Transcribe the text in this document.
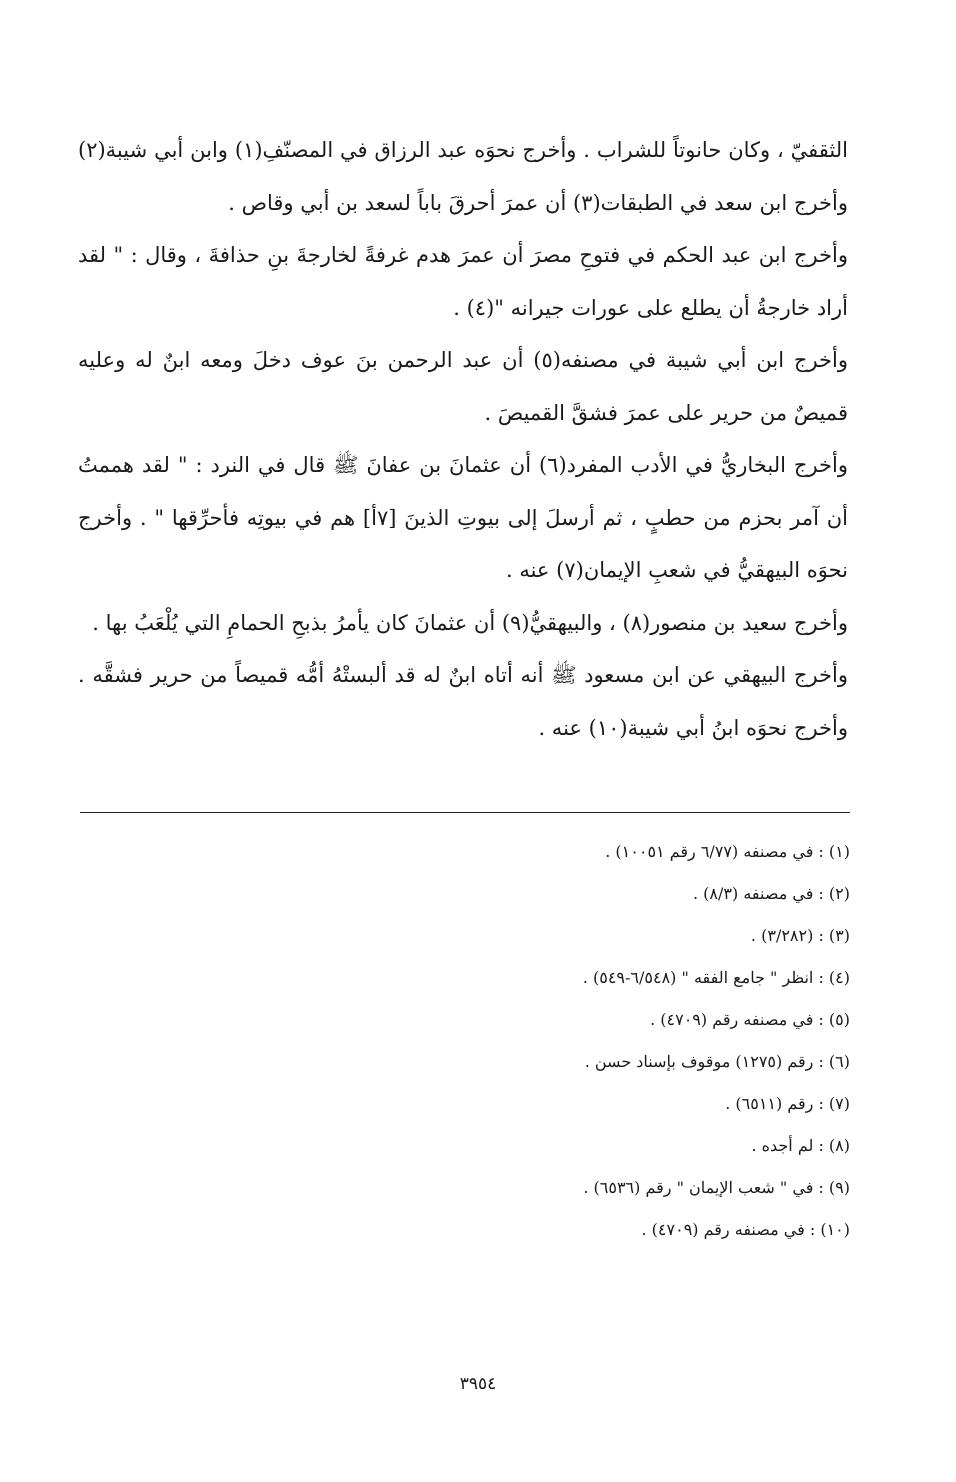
الثقفيّ ، وكان حانوتاً للشراب . وأخرج نحوَه عبد الرزاق في المصنّفِ(١) وابن أبي شيبة(٢) وأخرج ابن سعد في الطبقات(٣) أن عمرَ أحرقَ باباً لسعد بن أبي وقاص .

وأخرج ابن عبد الحكم في فتوحِ مصرَ أن عمرَ هدم غرفةً لخارجةَ بنِ حذافةَ ، وقال : " لقد أراد خارجةُ أن يطلع على عورات جيرانه "(٤) .

وأخرج ابن أبي شيبة في مصنفه(٥) أن عبد الرحمن بنَ عوف دخلَ ومعه ابنٌ له وعليه قميصٌ من حرير على عمرَ فشقَّ القميصَ .

وأخرج البخاريُّ في الأدب المفرد(٦) أن عثمانَ بن عفانَ ﷺ قال في النرد : " لقد هممتُ أن آمر بحزم من حطبٍ ، ثم أرسلَ إلى بيوتِ الذينَ [٧أ] هم في بيوتِه فأحرِّقها " . وأخرج نحوَه البيهقيُّ في شعبِ الإيمان(٧) عنه .

وأخرج سعيد بن منصور(٨) ، والبيهقيُّ(٩) أن عثمانَ كان يأمرُ بذبحِ الحمامِ التي يُلْعَبُ بها .

وأخرج البيهقي عن ابن مسعود ﷺ أنه أتاه ابنٌ له قد ألبستْهُ أمُّه قميصاً من حرير فشقَّه . وأخرج نحوَه ابنُ أبي شيبة(١٠) عنه .

(١) : في مصنفه (٦/٧٧ رقم ١٠٠٥١) .

(٢) : في مصنفه (٨/٣) .

(٣) : (٣/٢٨٢) .

(٤) : انظر " جامع الفقه " (٦/٥٤٨-٥٤٩) .

(٥) : في مصنفه رقم (٤٧٠٩) .

(٦) : رقم (١٢٧٥) موقوف بإسناد حسن .

(٧) : رقم (٦٥١١) .

(٨) : لم أجده .

(٩) : في " شعب الإيمان " رقم (٦٥٣٦) .

(١٠) : في مصنفه رقم (٤٧٠٩) .

٣٩٥٤
